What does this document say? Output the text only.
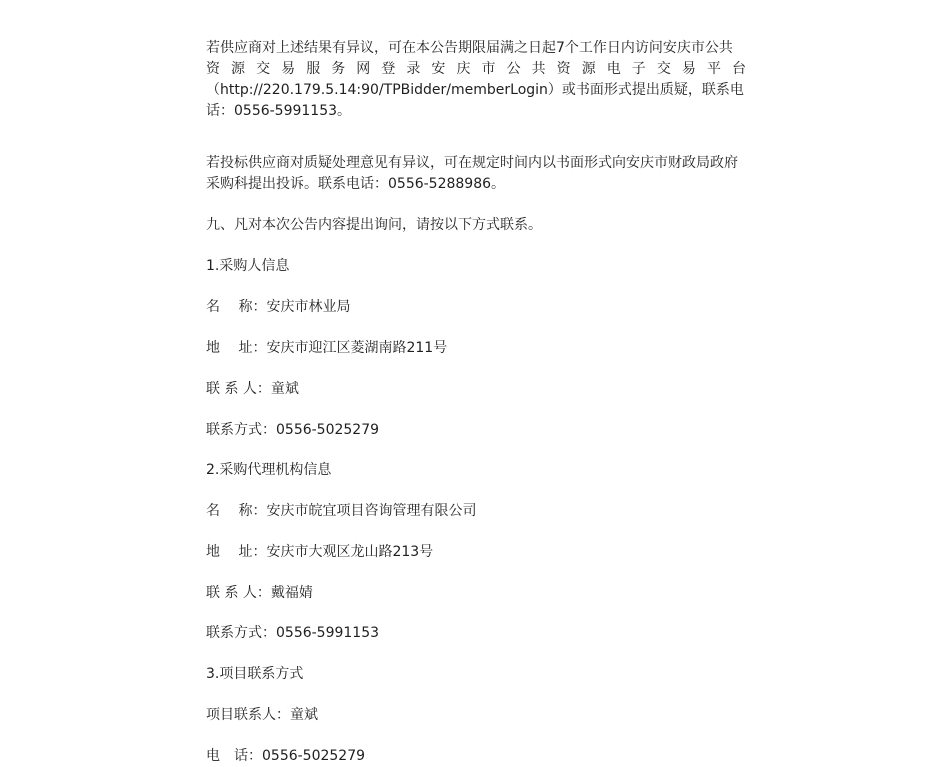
若供应商对上述结果有异议，可在本公告期限届满之日起7个工作日内访问安庆市公共
资 源 交 易 服 务 网 登 录 安 庆 市 公 共 资 源 电 子 交 易 平 台
（http://220.179.5.14:90/TPBidder/memberLogin）或书面形式提出质疑，联系电
话：0556-5991153。
若投标供应商对质疑处理意见有异议，可在规定时间内以书面形式向安庆市财政局政府
采购科提出投诉。联系电话：0556-5288986。

九、凡对本次公告内容提出询问，请按以下方式联系。

1.采购人信息

名　 称：安庆市林业局

地　 址：安庆市迎江区菱湖南路211号

联 系 人：童斌

联系方式：0556-5025279

2.采购代理机构信息

名　 称：安庆市皖宜项目咨询管理有限公司

地　 址：安庆市大观区龙山路213号

联 系 人：戴福婧

联系方式：0556-5991153

3.项目联系方式

项目联系人：童斌

电　话：0556-5025279
